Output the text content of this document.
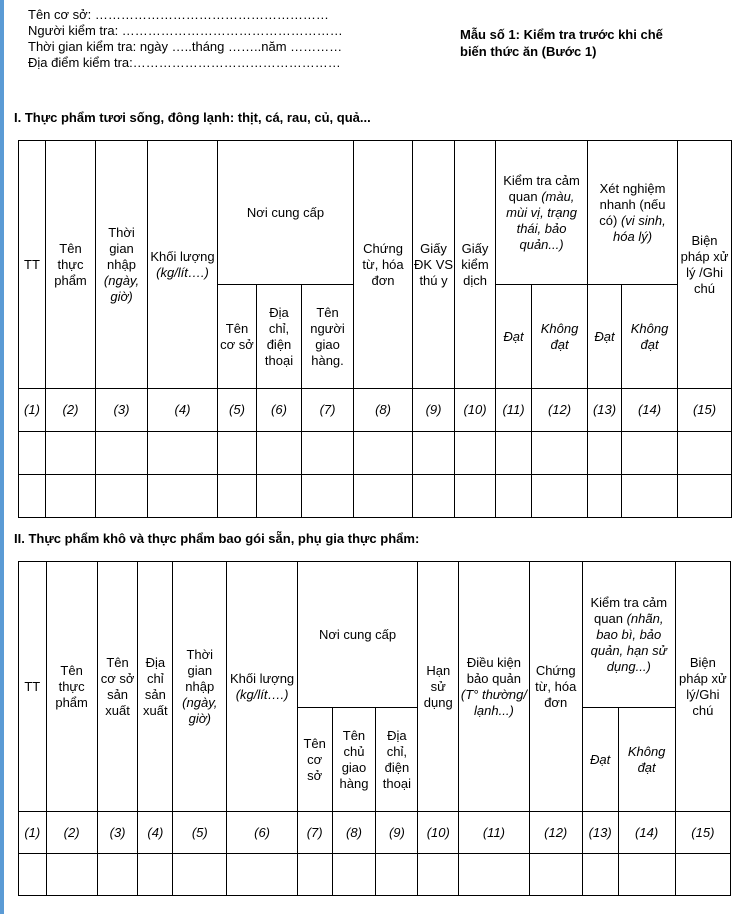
Tên cơ sở: ………………………………………………
Người kiểm tra: ……………………………………………
Thời gian kiểm tra: ngày …..tháng ……..năm …………
Địa điểm kiểm tra:…………………………………………
Mẫu số 1: Kiểm tra trước khi chế
biến thức ăn (Bước 1)
I. Thực phẩm tươi sống, đông lạnh: thịt, cá, rau, củ, quả...
TT	Tên thực phẩm	Thời gian nhập (ngày, giờ)	Khối lượng (kg/lít….)	Nơi cung cấp			Chứng từ, hóa đơn	Giấy ĐK VS thú y	Giấy kiểm dịch	Kiểm tra cảm quan (màu, mùi vị, trạng thái, bảo quản...)		Xét nghiệm nhanh (nếu có) (vi sinh, hóa lý)		Biện pháp xử lý /Ghi chú
				Tên cơ sở	Địa chỉ, điện thoại	Tên người giao hàng.				Đạt	Không đạt	Đạt	Không đạt	
(1)	(2)	(3)	(4)	(5)	(6)	(7)	(8)	(9)	(10)	(11)	(12)	(13)	(14)	(15)

II. Thực phẩm khô và thực phẩm bao gói sẵn, phụ gia thực phẩm:
TT	Tên thực phẩm	Tên cơ sở sản xuất	Địa chỉ sản xuất	Thời gian nhập (ngày, giờ)	Khối lượng (kg/lít….)	Nơi cung cấp			Hạn sử dụng	Điều kiện bảo quản (T° thường/ lạnh...)	Chứng từ, hóa đơn	Kiểm tra cảm quan (nhãn, bao bì, bảo quản, hạn sử dụng...)		Biện pháp xử lý/Ghi chú
						Tên cơ sở	Tên chủ giao hàng	Địa chỉ, điện thoại				Đạt	Không đạt	
(1)	(2)	(3)	(4)	(5)	(6)	(7)	(8)	(9)	(10)	(11)	(12)	(13)	(14)	(15)
